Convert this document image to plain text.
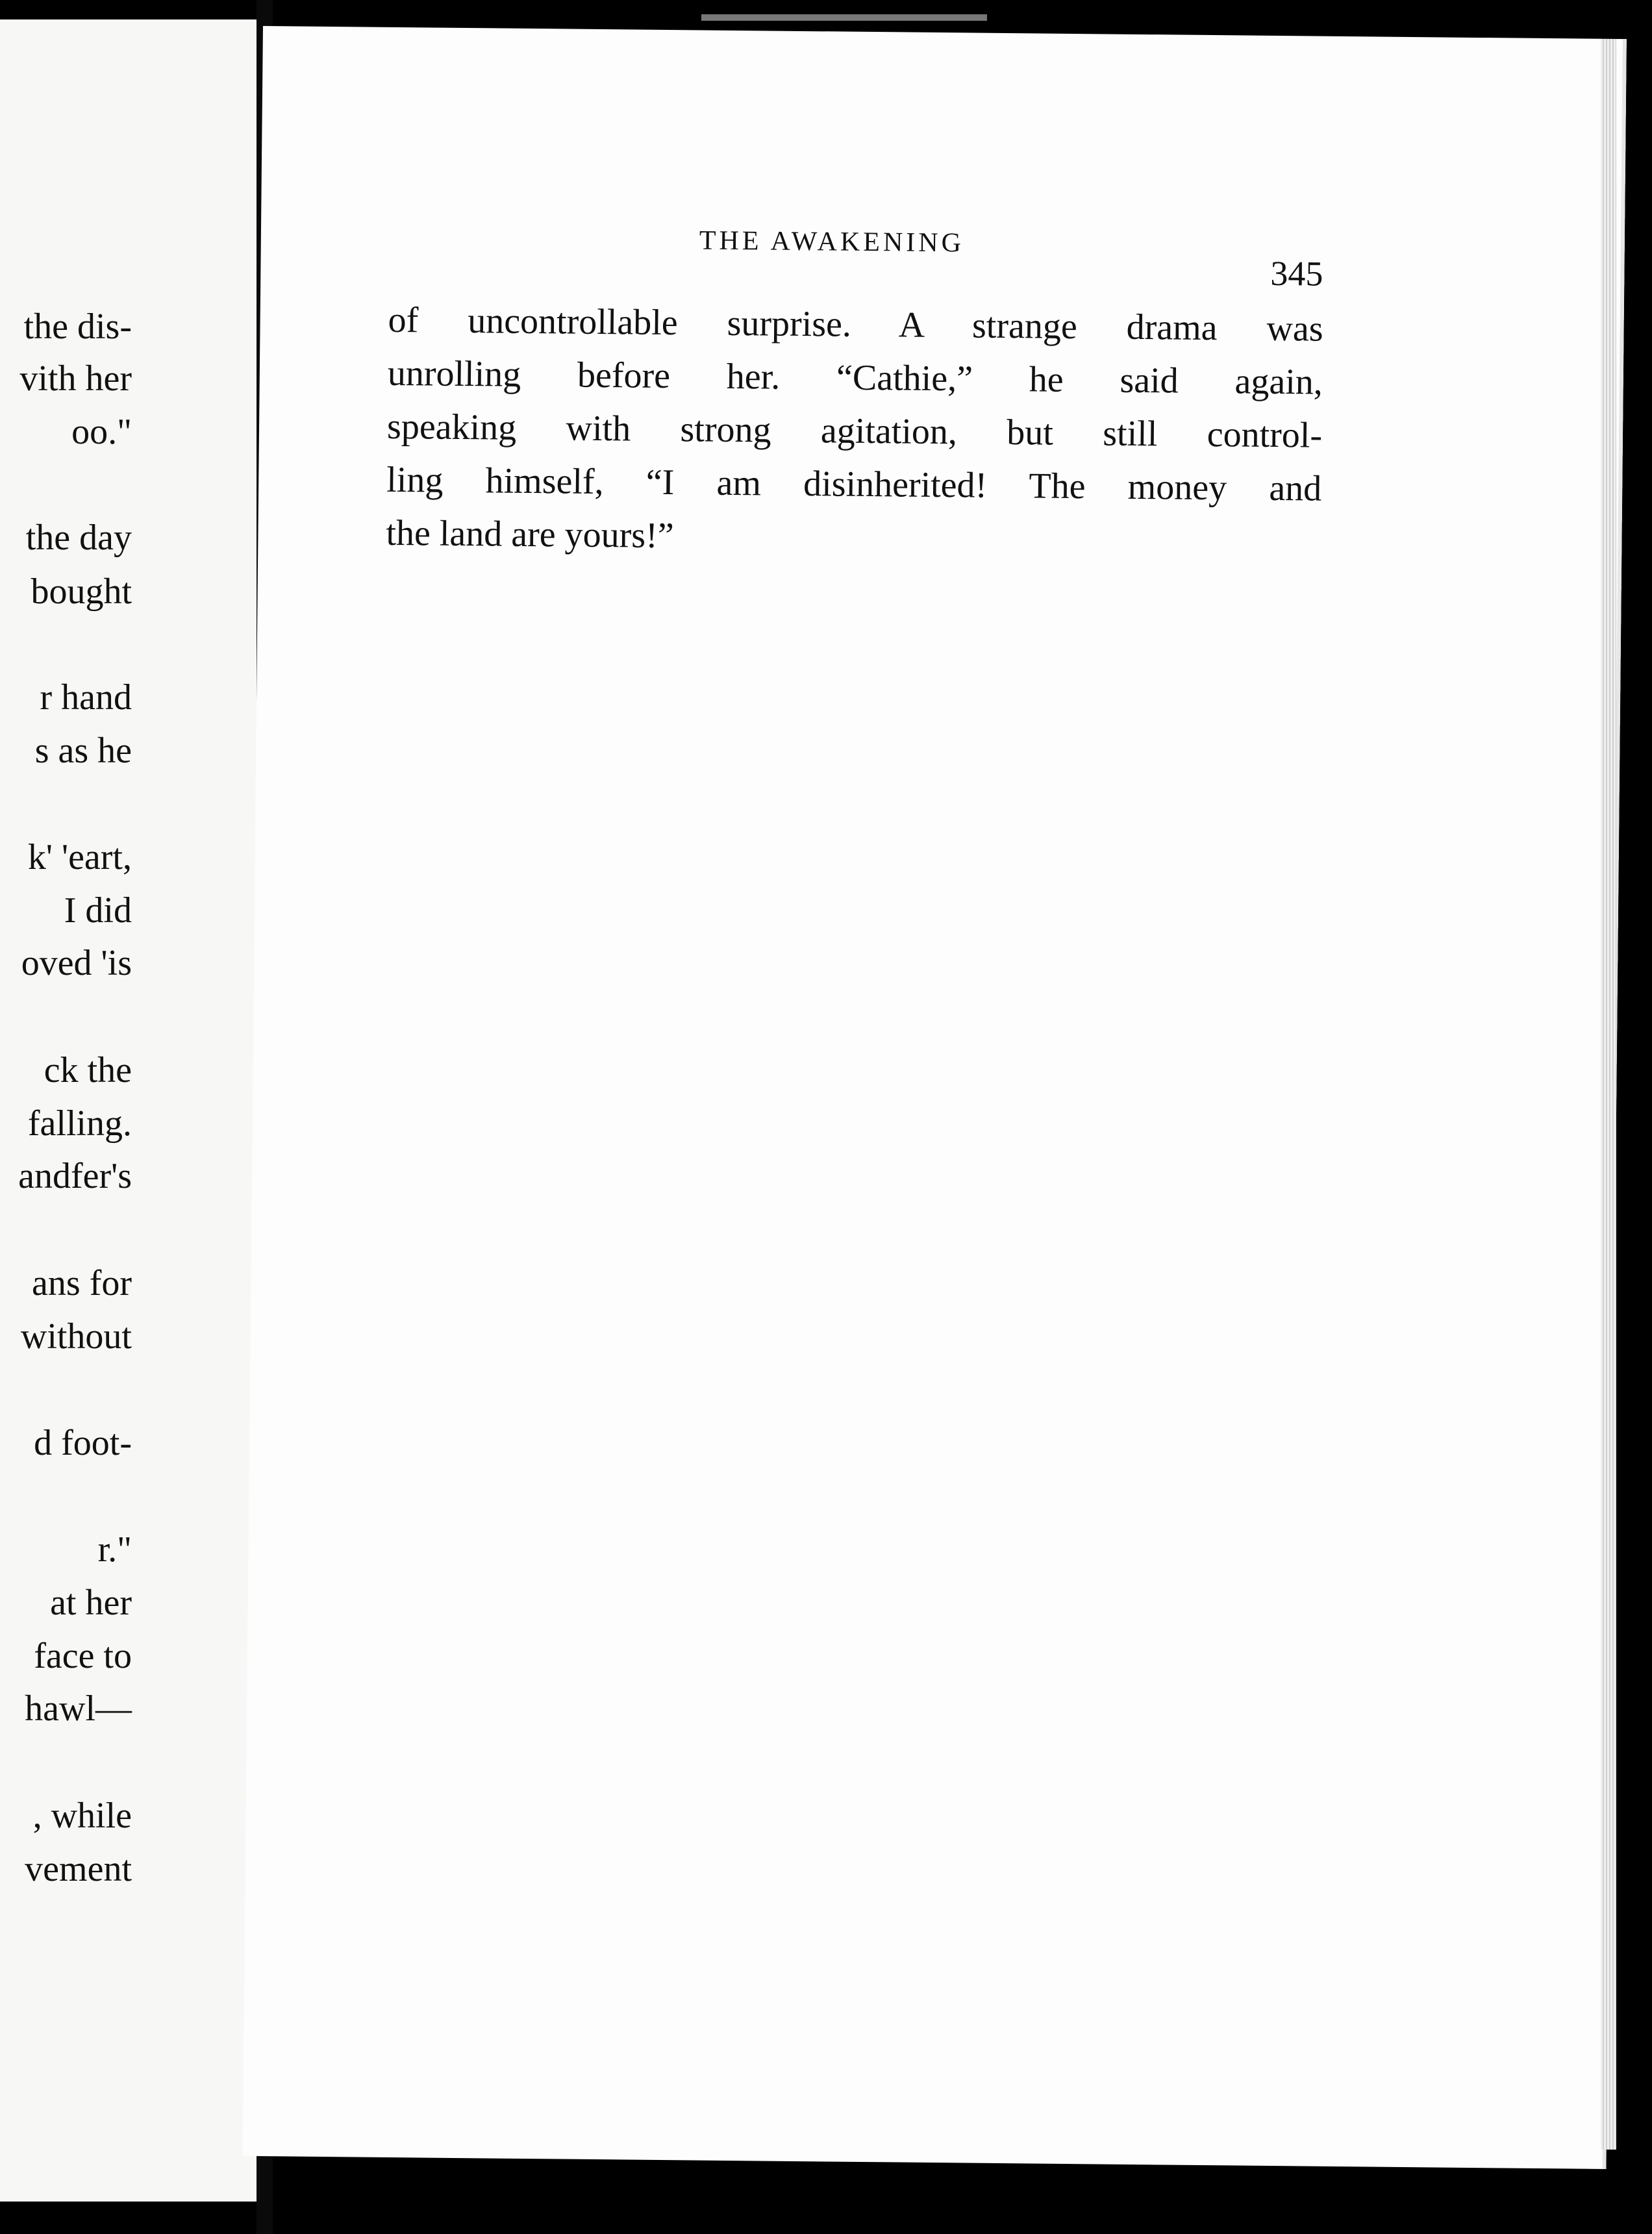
the dis-
vith her
oo."
the day
bought
r hand
s as he
k' 'eart,
I did
oved 'is
ck the
falling.
andfer's
ans for
without
d foot-
r."
at her
face to
hawl—
, while
vement
THE AWAKENING
345
of uncontrollable surprise. A strange drama was
unrolling before her. “Cathie,” he said again,
speaking with strong agitation, but still control-
ling himself, “I am disinherited! The money and
the land are yours!”
